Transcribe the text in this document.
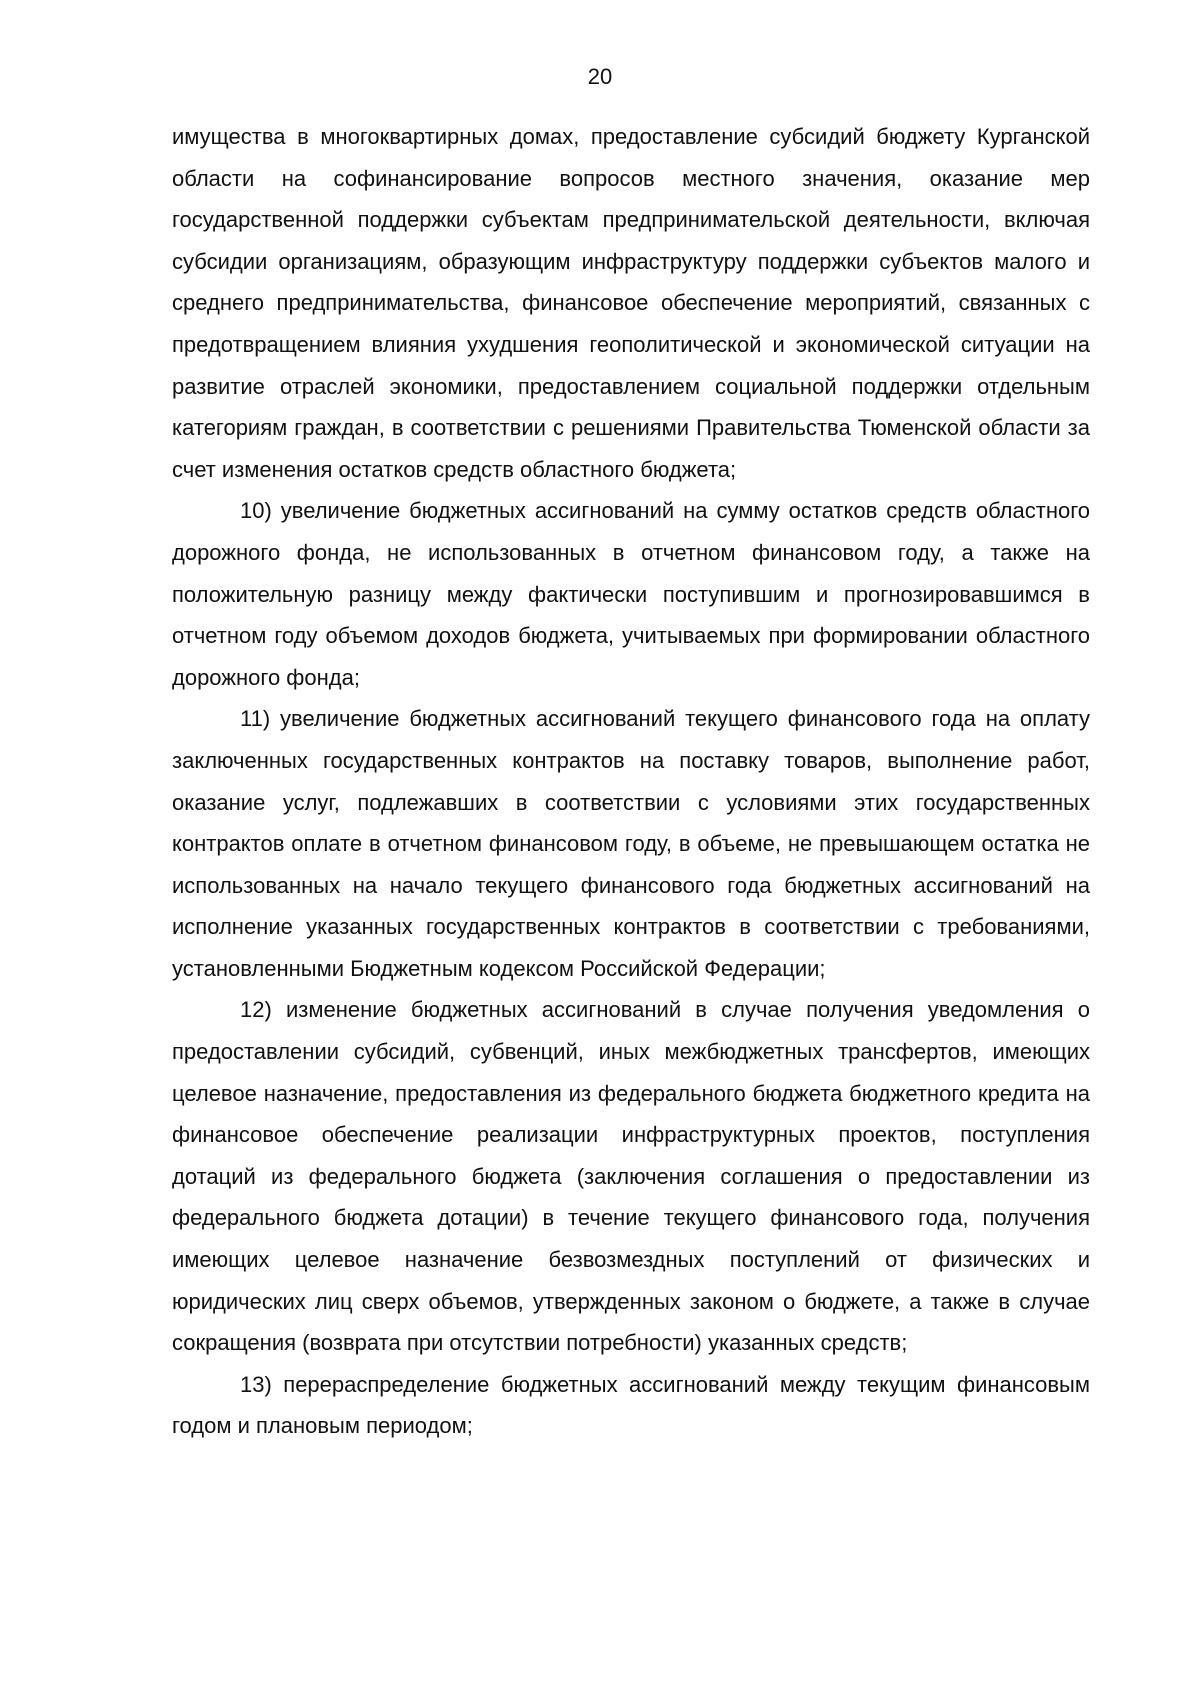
20

имущества в многоквартирных домах, предоставление субсидий бюджету Курганской области на софинансирование вопросов местного значения, оказание мер государственной поддержки субъектам предпринимательской деятельности, включая субсидии организациям, образующим инфраструктуру поддержки субъектов малого и среднего предпринимательства, финансовое обеспечение мероприятий, связанных с предотвращением влияния ухудшения геополитической и экономической ситуации на развитие отраслей экономики, предоставлением социальной поддержки отдельным категориям граждан, в соответствии с решениями Правительства Тюменской области за счет изменения остатков средств областного бюджета;

10) увеличение бюджетных ассигнований на сумму остатков средств областного дорожного фонда, не использованных в отчетном финансовом году, а также на положительную разницу между фактически поступившим и прогнозировавшимся в отчетном году объемом доходов бюджета, учитываемых при формировании областного дорожного фонда;

11) увеличение бюджетных ассигнований текущего финансового года на оплату заключенных государственных контрактов на поставку товаров, выполнение работ, оказание услуг, подлежавших в соответствии с условиями этих государственных контрактов оплате в отчетном финансовом году, в объеме, не превышающем остатка не использованных на начало текущего финансового года бюджетных ассигнований на исполнение указанных государственных контрактов в соответствии с требованиями, установленными Бюджетным кодексом Российской Федерации;

12) изменение бюджетных ассигнований в случае получения уведомления о предоставлении субсидий, субвенций, иных межбюджетных трансфертов, имеющих целевое назначение, предоставления из федерального бюджета бюджетного кредита на финансовое обеспечение реализации инфраструктурных проектов, поступления дотаций из федерального бюджета (заключения соглашения о предоставлении из федерального бюджета дотации) в течение текущего финансового года, получения имеющих целевое назначение безвозмездных поступлений от физических и юридических лиц сверх объемов, утвержденных законом о бюджете, а также в случае сокращения (возврата при отсутствии потребности) указанных средств;

13) перераспределение бюджетных ассигнований между текущим финансовым годом и плановым периодом;
